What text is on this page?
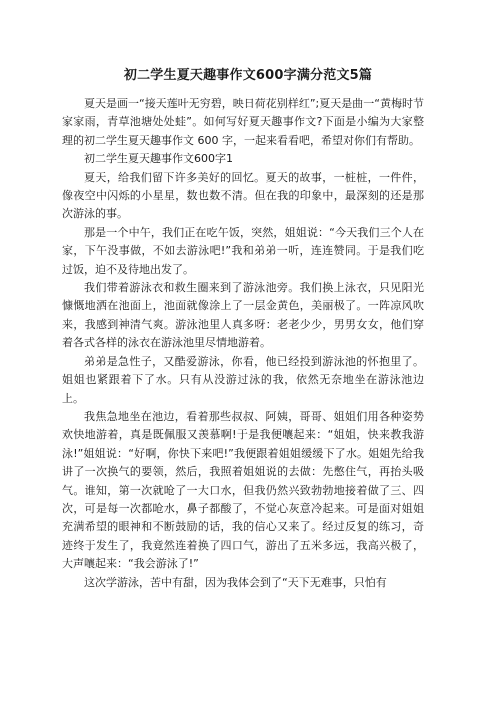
初二学生夏天趣事作文600字满分范文5篇

夏天是画一“接天莲叶无穷碧，映日荷花别样红”;夏天是曲一“黄梅时节家家雨，青草池塘处处蛙”。如何写好夏天趣事作文?下面是小编为大家整理的初二学生夏天趣事作文 600 字，一起来看看吧，希望对你们有帮助。

初二学生夏天趣事作文600字1

夏天，给我们留下许多美好的回忆。夏天的故事，一桩桩，一件件，像夜空中闪烁的小星星，数也数不清。但在我的印象中，最深刻的还是那次游泳的事。

那是一个中午，我们正在吃午饭，突然，姐姐说：“今天我们三个人在家，下午没事做，不如去游泳吧!”我和弟弟一听，连连赞同。于是我们吃过饭，迫不及待地出发了。

我们带着游泳衣和救生圈来到了游泳池旁。我们换上泳衣，只见阳光慷慨地洒在池面上，池面就像涂上了一层金黄色，美丽极了。一阵凉风吹来，我感到神清气爽。游泳池里人真多呀：老老少少，男男女女，他们穿着各式各样的泳衣在游泳池里尽情地游着。

弟弟是急性子，又酷爱游泳，你看，他已经投到游泳池的怀抱里了。姐姐也紧跟着下了水。只有从没游过泳的我，依然无奈地坐在游泳池边上。

我焦急地坐在池边，看着那些叔叔、阿姨，哥哥、姐姐们用各种姿势欢快地游着，真是既佩服又羡慕啊!于是我便嚷起来：“姐姐，快来教我游泳!”姐姐说：“好啊，你快下来吧!”我便跟着姐姐缓缓下了水。姐姐先给我讲了一次换气的要领，然后，我照着姐姐说的去做：先憋住气，再抬头吸气。谁知，第一次就呛了一大口水，但我仍然兴致勃勃地接着做了三、四次，可是每一次都呛水，鼻子都酸了，不觉心灰意冷起来。可是面对姐姐充满希望的眼神和不断鼓励的话，我的信心又来了。经过反复的练习，奇迹终于发生了，我竟然连着换了四口气，游出了五米多远，我高兴极了，大声嚷起来：“我会游泳了!”

这次学游泳，苦中有甜，因为我体会到了“天下无难事，只怕有
